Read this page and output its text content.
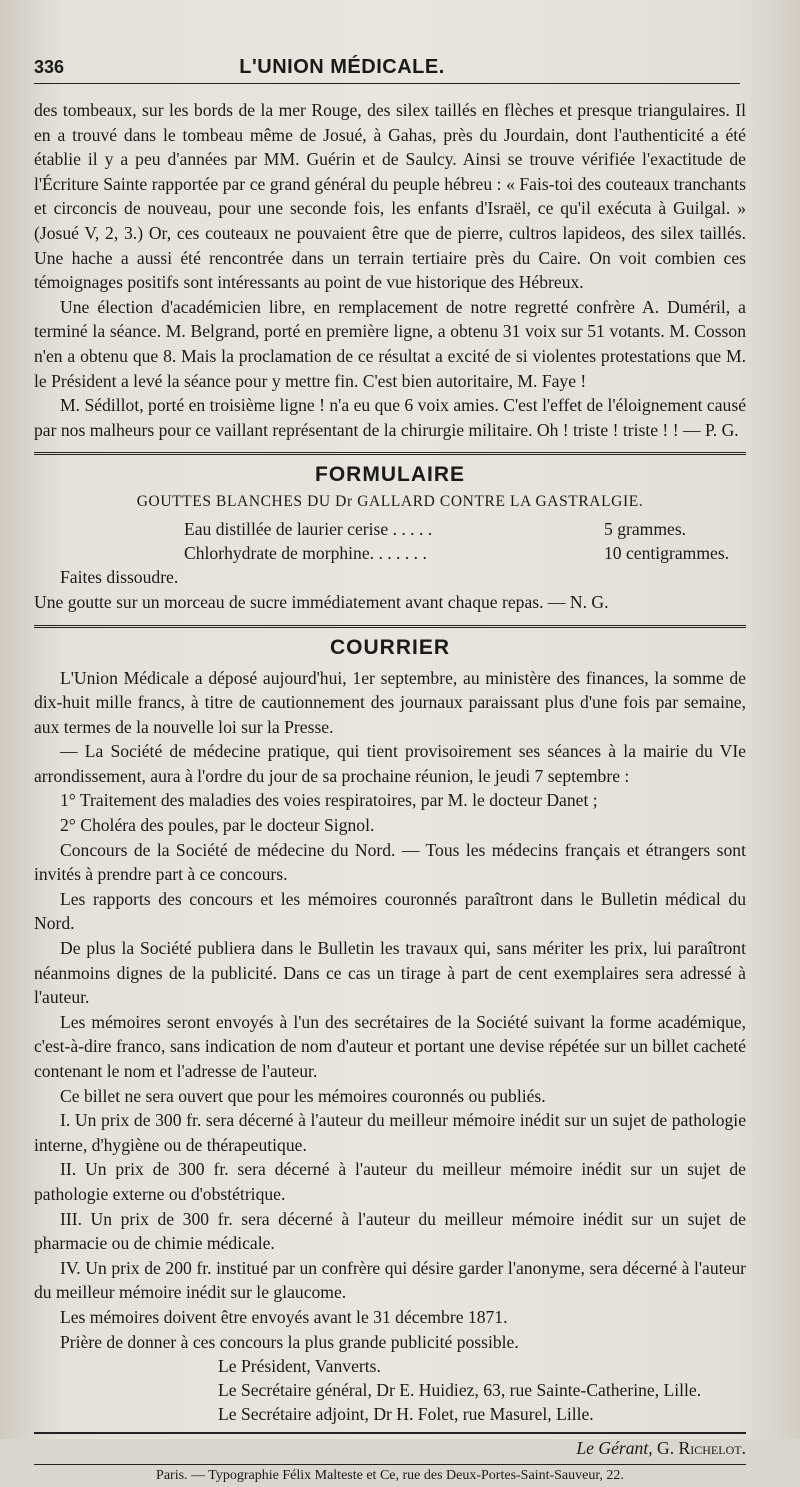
336	L'UNION MÉDICALE.

des tombeaux, sur les bords de la mer Rouge, des silex taillés en flèches et presque triangulaires. Il en a trouvé dans le tombeau même de Josué, à Gahas, près du Jourdain, dont l'authenticité a été établie il y a peu d'années par MM. Guérin et de Saulcy. Ainsi se trouve vérifiée l'exactitude de l'Écriture Sainte rapportée par ce grand général du peuple hébreu : « Fais-toi des couteaux tranchants et circoncis de nouveau, pour une seconde fois, les enfants d'Israël, ce qu'il exécuta à Guilgal. » (Josué V, 2, 3.) Or, ces couteaux ne pouvaient être que de pierre, cultros lapideos, des silex taillés. Une hache a aussi été rencontrée dans un terrain tertiaire près du Caire. On voit combien ces témoignages positifs sont intéressants au point de vue historique des Hébreux.

Une élection d'académicien libre, en remplacement de notre regretté confrère A. Duméril, a terminé la séance. M. Belgrand, porté en première ligne, a obtenu 31 voix sur 51 votants. M. Cosson n'en a obtenu que 8. Mais la proclamation de ce résultat a excité de si violentes protestations que M. le Président a levé la séance pour y mettre fin. C'est bien autoritaire, M. Faye !

M. Sédillot, porté en troisième ligne ! n'a eu que 6 voix amies. C'est l'effet de l'éloignement causé par nos malheurs pour ce vaillant représentant de la chirurgie militaire. Oh ! triste ! triste ! ! — P. G.

FORMULAIRE
GOUTTES BLANCHES DU Dr GALLARD CONTRE LA GASTRALGIE.
Eau distillée de laurier cerise . . . . .	5 grammes.
Chlorhydrate de morphine. . . . . . .	10 centigrammes.

Faites dissoudre.

Une goutte sur un morceau de sucre immédiatement avant chaque repas. — N. G.

COURRIER

L'Union Médicale a déposé aujourd'hui, 1er septembre, au ministère des finances, la somme de dix-huit mille francs, à titre de cautionnement des journaux paraissant plus d'une fois par semaine, aux termes de la nouvelle loi sur la Presse.

— La Société de médecine pratique, qui tient provisoirement ses séances à la mairie du VIe arrondissement, aura à l'ordre du jour de sa prochaine réunion, le jeudi 7 septembre :

1° Traitement des maladies des voies respiratoires, par M. le docteur Danet ;

2° Choléra des poules, par le docteur Signol.

Concours de la Société de médecine du Nord. — Tous les médecins français et étrangers sont invités à prendre part à ce concours.

Les rapports des concours et les mémoires couronnés paraîtront dans le Bulletin médical du Nord.

De plus la Société publiera dans le Bulletin les travaux qui, sans mériter les prix, lui paraîtront néanmoins dignes de la publicité. Dans ce cas un tirage à part de cent exemplaires sera adressé à l'auteur.

Les mémoires seront envoyés à l'un des secrétaires de la Société suivant la forme académique, c'est-à-dire franco, sans indication de nom d'auteur et portant une devise répétée sur un billet cacheté contenant le nom et l'adresse de l'auteur.

Ce billet ne sera ouvert que pour les mémoires couronnés ou publiés.

I. Un prix de 300 fr. sera décerné à l'auteur du meilleur mémoire inédit sur un sujet de pathologie interne, d'hygiène ou de thérapeutique.

II. Un prix de 300 fr. sera décerné à l'auteur du meilleur mémoire inédit sur un sujet de pathologie externe ou d'obstétrique.

III. Un prix de 300 fr. sera décerné à l'auteur du meilleur mémoire inédit sur un sujet de pharmacie ou de chimie médicale.

IV. Un prix de 200 fr. institué par un confrère qui désire garder l'anonyme, sera décerné à l'auteur du meilleur mémoire inédit sur le glaucome.

Les mémoires doivent être envoyés avant le 31 décembre 1871.

Prière de donner à ces concours la plus grande publicité possible.

Le Président, Vanverts.
Le Secrétaire général, Dr E. Huidiez, 63, rue Sainte-Catherine, Lille.
Le Secrétaire adjoint, Dr H. Folet, rue Masurel, Lille.
Le Gérant, G. Richelot.
Paris. — Typographie Félix Malteste et Ce, rue des Deux-Portes-Saint-Sauveur, 22.
